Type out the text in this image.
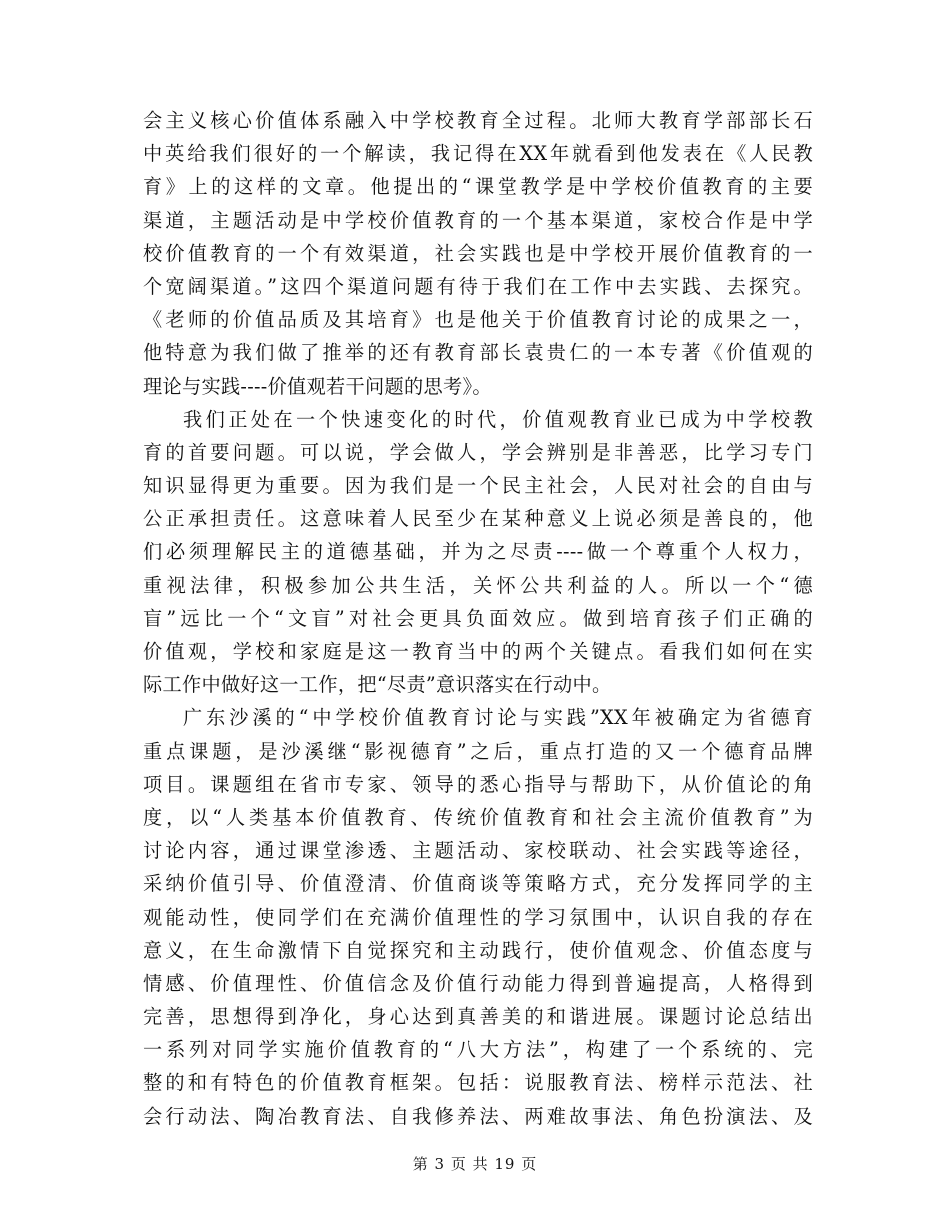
会主义核心价值体系融入中学校教育全过程。北师大教育学部部长石
中英给我们很好的一个解读，我记得在XX年就看到他发表在《人民教
育》上的这样的文章。他提出的“课堂教学是中学校价值教育的主要
渠道，主题活动是中学校价值教育的一个基本渠道，家校合作是中学
校价值教育的一个有效渠道，社会实践也是中学校开展价值教育的一
个宽阔渠道。”这四个渠道问题有待于我们在工作中去实践、去探究。
《老师的价值品质及其培育》也是他关于价值教育讨论的成果之一，
他特意为我们做了推举的还有教育部长袁贵仁的一本专著《价值观的
理论与实践----价值观若干问题的思考》。
我们正处在一个快速变化的时代，价值观教育业已成为中学校教
育的首要问题。可以说，学会做人，学会辨别是非善恶，比学习专门
知识显得更为重要。因为我们是一个民主社会，人民对社会的自由与
公正承担责任。这意味着人民至少在某种意义上说必须是善良的，他
们必须理解民主的道德基础，并为之尽责----做一个尊重个人权力，
重视法律，积极参加公共生活，关怀公共利益的人。所以一个“德
盲”远比一个“文盲”对社会更具负面效应。做到培育孩子们正确的
价值观，学校和家庭是这一教育当中的两个关键点。看我们如何在实
际工作中做好这一工作，把“尽责”意识落实在行动中。
广东沙溪的“中学校价值教育讨论与实践”XX年被确定为省德育
重点课题，是沙溪继“影视德育”之后，重点打造的又一个德育品牌
项目。课题组在省市专家、领导的悉心指导与帮助下，从价值论的角
度，以“人类基本价值教育、传统价值教育和社会主流价值教育”为
讨论内容，通过课堂渗透、主题活动、家校联动、社会实践等途径，
采纳价值引导、价值澄清、价值商谈等策略方式，充分发挥同学的主
观能动性，使同学们在充满价值理性的学习氛围中，认识自我的存在
意义，在生命激情下自觉探究和主动践行，使价值观念、价值态度与
情感、价值理性、价值信念及价值行动能力得到普遍提高，人格得到
完善，思想得到净化，身心达到真善美的和谐进展。课题讨论总结出
一系列对同学实施价值教育的“八大方法”，构建了一个系统的、完
整的和有特色的价值教育框架。包括：说服教育法、榜样示范法、社
会行动法、陶冶教育法、自我修养法、两难故事法、角色扮演法、及
第 3 页 共 19 页
